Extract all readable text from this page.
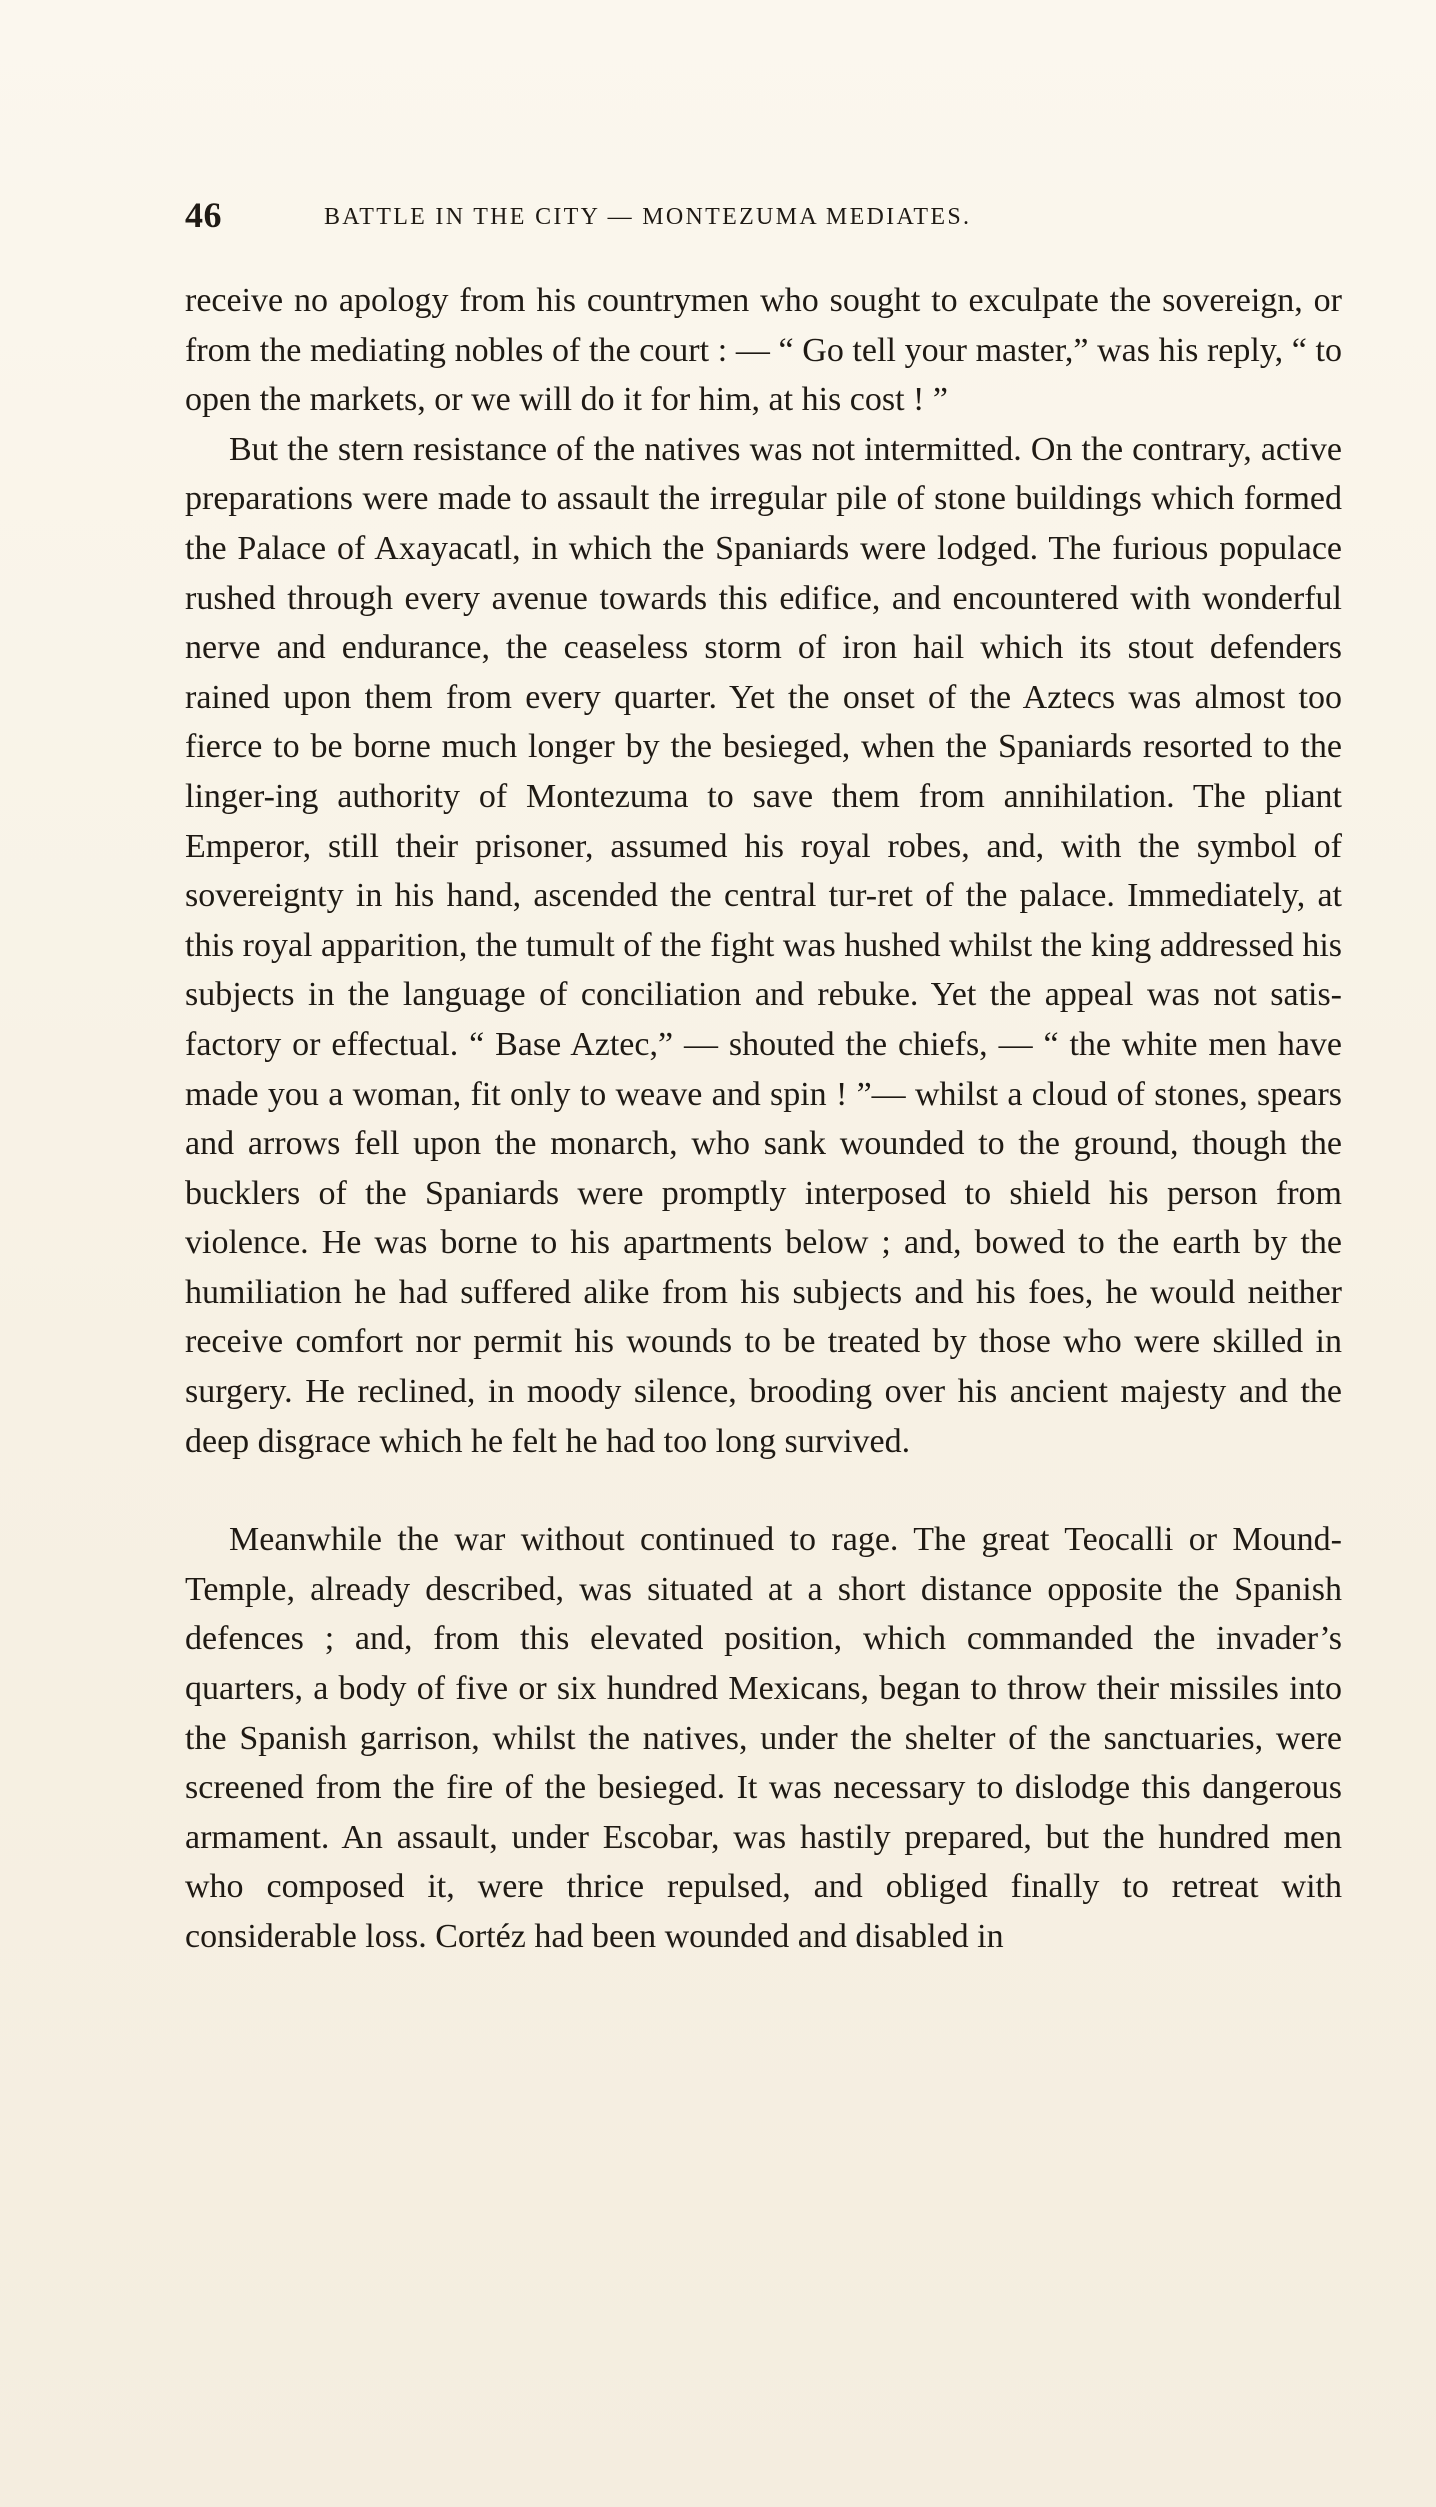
46	BATTLE IN THE CITY — MONTEZUMA MEDIATES.

receive no apology from his countrymen who sought to exculpate the sovereign, or from the mediating nobles of the court : — “ Go tell your master,” was his reply, “ to open the markets, or we will do it for him, at his cost ! ”

But the stern resistance of the natives was not intermitted. On the contrary, active preparations were made to assault the irregular pile of stone buildings which formed the Palace of Axayacatl, in which the Spaniards were lodged. The furious populace rushed through every avenue towards this edifice, and encountered with wonderful nerve and endurance, the ceaseless storm of iron hail which its stout defenders rained upon them from every quarter. Yet the onset of the Aztecs was almost too fierce to be borne much longer by the besieged, when the Spaniards resorted to the linger-ing authority of Montezuma to save them from annihilation. The pliant Emperor, still their prisoner, assumed his royal robes, and, with the symbol of sovereignty in his hand, ascended the central tur-ret of the palace. Immediately, at this royal apparition, the tumult of the fight was hushed whilst the king addressed his subjects in the language of conciliation and rebuke. Yet the appeal was not satis-factory or effectual. “ Base Aztec,” — shouted the chiefs, — “ the white men have made you a woman, fit only to weave and spin ! ”— whilst a cloud of stones, spears and arrows fell upon the monarch, who sank wounded to the ground, though the bucklers of the Spaniards were promptly interposed to shield his person from violence. He was borne to his apartments below ; and, bowed to the earth by the humiliation he had suffered alike from his subjects and his foes, he would neither receive comfort nor permit his wounds to be treated by those who were skilled in surgery. He reclined, in moody silence, brooding over his ancient majesty and the deep disgrace which he felt he had too long survived.

Meanwhile the war without continued to rage. The great Teocalli or Mound-Temple, already described, was situated at a short distance opposite the Spanish defences ; and, from this elevated position, which commanded the invader’s quarters, a body of five or six hundred Mexicans, began to throw their missiles into the Spanish garrison, whilst the natives, under the shelter of the sanctuaries, were screened from the fire of the besieged. It was necessary to dislodge this dangerous armament. An assault, under Escobar, was hastily prepared, but the hundred men who composed it, were thrice repulsed, and obliged finally to retreat with considerable loss. Cortéz had been wounded and disabled in
